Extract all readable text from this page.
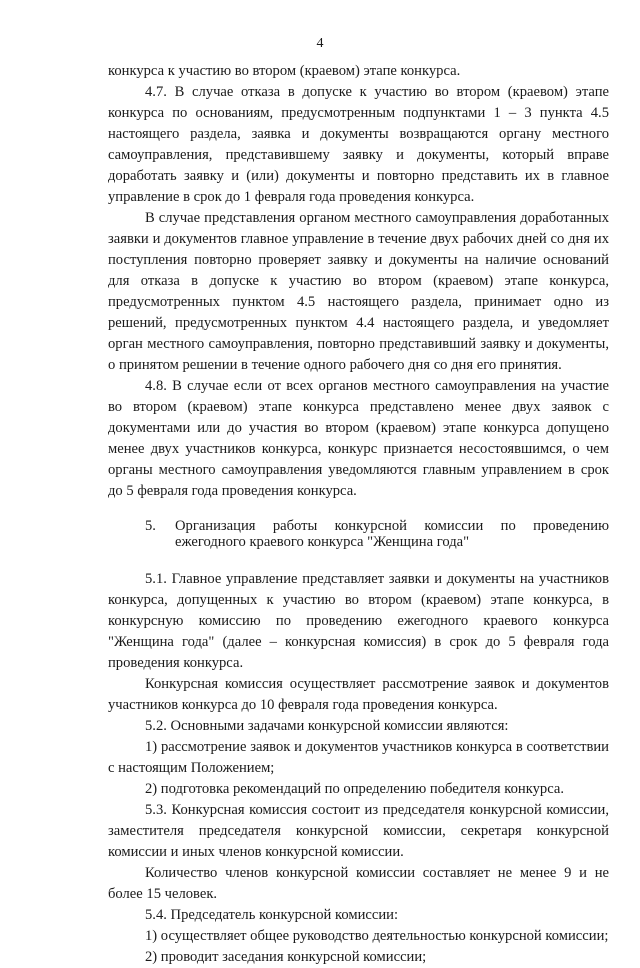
4

конкурса к участию во втором (краевом) этапе конкурса.

4.7. В случае отказа в допуске к участию во втором (краевом) этапе конкурса по основаниям, предусмотренным подпунктами 1 – 3 пункта 4.5 настоящего раздела, заявка и документы возвращаются органу местного самоуправления, представившему заявку и документы, который вправе доработать заявку и (или) документы и повторно представить их в главное управление в срок до 1 февраля года проведения конкурса.

В случае представления органом местного самоуправления доработанных заявки и документов главное управление в течение двух рабочих дней со дня их поступления повторно проверяет заявку и документы на наличие оснований для отказа в допуске к участию во втором (краевом) этапе конкурса, предусмотренных пунктом 4.5 настоящего раздела, принимает одно из решений, предусмотренных пунктом 4.4 настоящего раздела, и уведомляет орган местного самоуправления, повторно представивший заявку и документы, о принятом решении в течение одного рабочего дня со дня его принятия.

4.8. В случае если от всех органов местного самоуправления на участие во втором (краевом) этапе конкурса представлено менее двух заявок с документами или до участия во втором (краевом) этапе конкурса допущено менее двух участников конкурса, конкурс признается несостоявшимся, о чем органы местного самоуправления уведомляются главным управлением в срок до 5 февраля года проведения конкурса.

5. Организация работы конкурсной комиссии по проведению
ежегодного краевого конкурса "Женщина года"

5.1. Главное управление представляет заявки и документы на участников конкурса, допущенных к участию во втором (краевом) этапе конкурса, в конкурсную комиссию по проведению ежегодного краевого конкурса "Женщина года" (далее – конкурсная комиссия) в срок до 5 февраля года проведения конкурса.

Конкурсная комиссия осуществляет рассмотрение заявок и документов участников конкурса до 10 февраля года проведения конкурса.

5.2. Основными задачами конкурсной комиссии являются:

1) рассмотрение заявок и документов участников конкурса в соответствии с настоящим Положением;

2) подготовка рекомендаций по определению победителя конкурса.

5.3. Конкурсная комиссия состоит из председателя конкурсной комиссии, заместителя председателя конкурсной комиссии, секретаря конкурсной комиссии и иных членов конкурсной комиссии.

Количество членов конкурсной комиссии составляет не менее 9 и не более 15 человек.

5.4. Председатель конкурсной комиссии:

1) осуществляет общее руководство деятельностью конкурсной комиссии;

2) проводит заседания конкурсной комиссии;
